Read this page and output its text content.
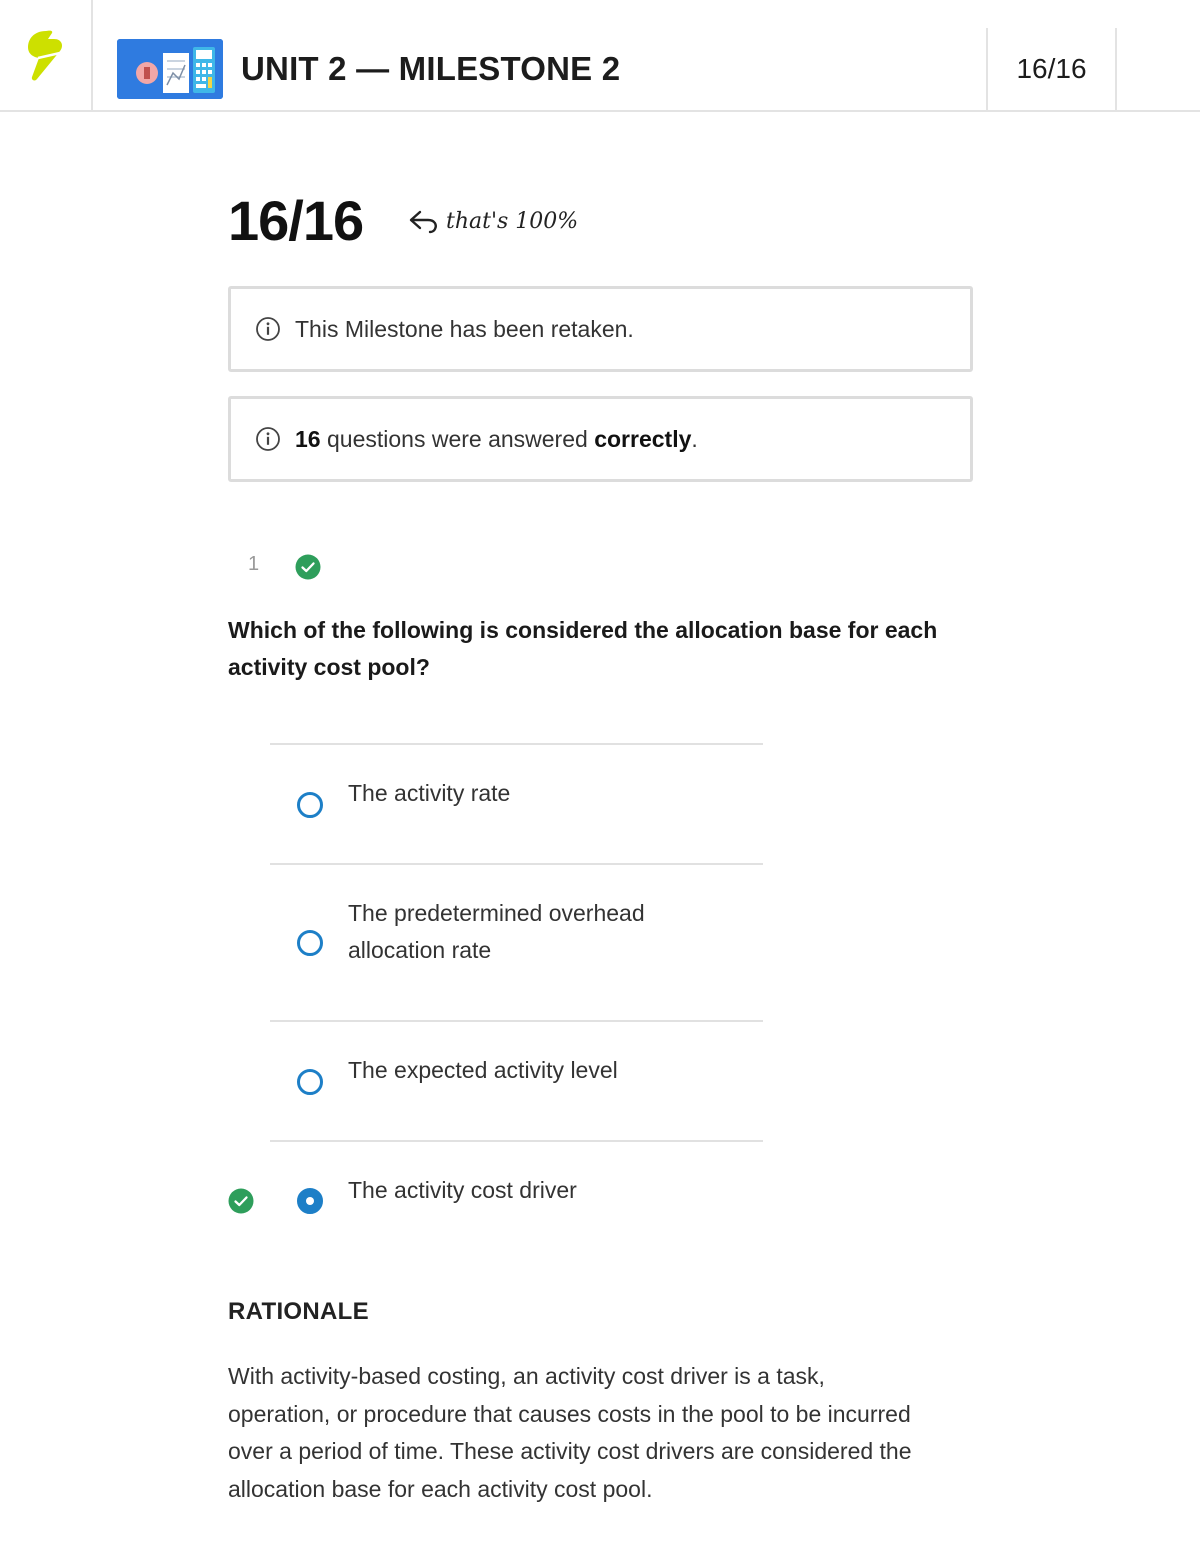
UNIT 2 — MILESTONE 2	16/16
16/16	that's 100%
This Milestone has been retaken.
16 questions were answered correctly.
1
Which of the following is considered the allocation base for each activity cost pool?
The activity rate
The predetermined overhead allocation rate
The expected activity level
The activity cost driver
RATIONALE
With activity-based costing, an activity cost driver is a task, operation, or procedure that causes costs in the pool to be incurred over a period of time. These activity cost drivers are considered the allocation base for each activity cost pool.
